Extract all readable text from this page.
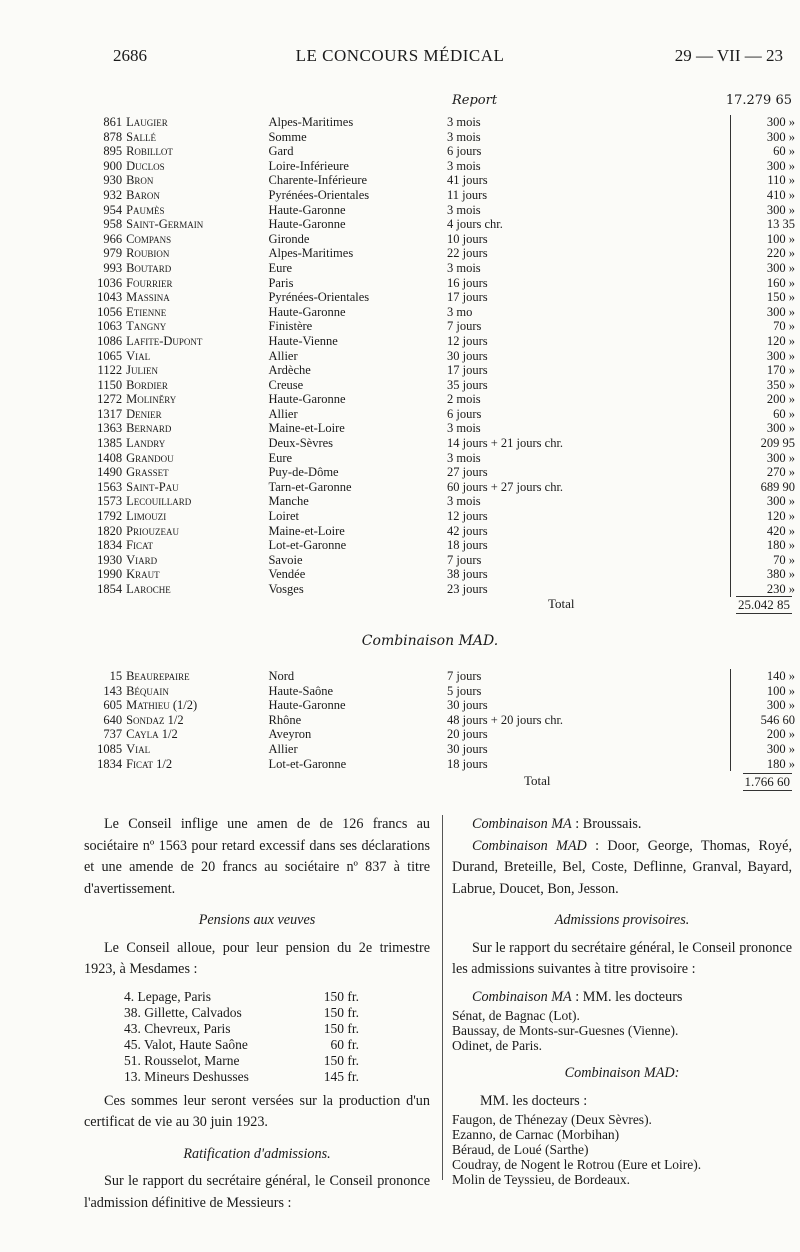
2686	LE CONCOURS MÉDICAL	29 — VII — 23
Report	17.279 65
861	Laugier	Alpes-Maritimes	3 mois	300 »
878	Sallé	Somme	3 mois	300 »
895	Robillot	Gard	6 jours	60 »
900	Duclos	Loire-Inférieure	3 mois	300 »
930	Bron	Charente-Inférieure	41 jours	110 »
932	Baron	Pyrénées-Orientales	11 jours	410 »
954	Paumès	Haute-Garonne	3 mois	300 »
958	Saint-Germain	Haute-Garonne	4 jours chr.	13 35
966	Compans	Gironde	10 jours	100 »
979	Roubion	Alpes-Maritimes	22 jours	220 »
993	Boutard	Eure	3 mois	300 »
1036	Fourrier	Paris	16 jours	160 »
1043	Massina	Pyrénées-Orientales	17 jours	150 »
1056	Etienne	Haute-Garonne	3 mo	300 »
1063	Tangny	Finistère	7 jours	70 »
1086	Lafite-Dupont	Haute-Vienne	12 jours	120 »
1065	Vial	Allier	30 jours	300 »
1122	Julien	Ardèche	17 jours	170 »
1150	Bordier	Creuse	35 jours	350 »
1272	Moliněry	Haute-Garonne	2 mois	200 »
1317	Denier	Allier	6 jours	60 »
1363	Bernard	Maine-et-Loire	3 mois	300 »
1385	Landry	Deux-Sèvres	14 jours + 21 jours chr.	209 95
1408	Grandou	Eure	3 mois	300 »
1490	Grasset	Puy-de-Dôme	27 jours	270 »
1563	Saint-Pau	Tarn-et-Garonne	60 jours + 27 jours chr.	689 90
1573	Lecouillard	Manche	3 mois	300 »
1792	Limouzi	Loiret	12 jours	120 »
1820	Priouzeau	Maine-et-Loire	42 jours	420 »
1834	Ficat	Lot-et-Garonne	18 jours	180 »
1930	Viard	Savoie	7 jours	70 »
1990	Kraut	Vendée	38 jours	380 »
1854	Laroche	Vosges	23 jours	230 »
Total	25.042 85
Combinaison MAD.
15	Beaurepaire	Nord	7 jours	140 »
143	Béquain	Haute-Saône	5 jours	100 »
605	Mathieu (1/2)	Haute-Garonne	30 jours	300 »
640	Sondaz 1/2	Rhône	48 jours + 20 jours chr.	546 60
737	Cayla 1/2	Aveyron	20 jours	200 »
1085	Vial	Allier	30 jours	300 »
1834	Ficat 1/2	Lot-et-Garonne	18 jours	180 »
Total	1.766 60

Le Conseil inflige une amen de de 126 francs au sociétaire nº 1563 pour retard excessif dans ses déclarations et une amende de 20 francs au sociétaire nº 837 à titre d'avertissement.

Pensions aux veuves

Le Conseil alloue, pour leur pension du 2e trimestre 1923, à Mesdames :

4. Lepage, Paris	150 fr.
38. Gillette, Calvados	150 fr.
43. Chevreux, Paris	150 fr.
45. Valot, Haute Saône	60 fr.
51. Rousselot, Marne	150 fr.
13. Mineurs Deshusses	145 fr.

Ces sommes leur seront versées sur la production d'un certificat de vie au 30 juin 1923.

Ratification d'admissions.

Sur le rapport du secrétaire général, le Conseil prononce l'admission définitive de Messieurs :

Combinaison MA : Broussais.

Combinaison MAD : Door, George, Thomas, Royé, Durand, Breteille, Bel, Coste, Deflinne, Granval, Bayard, Labrue, Doucet, Bon, Jesson.

Admissions provisoires.

Sur le rapport du secrétaire général, le Conseil prononce les admissions suivantes à titre provisoire :

Combinaison MA : MM. les docteurs

Sénat, de Bagnac (Lot).
Baussay, de Monts-sur-Guesnes (Vienne).
Odinet, de Paris.

Combinaison MAD:

MM. les docteurs :
Faugon, de Thénezay (Deux Sèvres).
Ezanno, de Carnac (Morbihan)
Béraud, de Loué (Sarthe)
Coudray, de Nogent le Rotrou (Eure et Loire).
Molin de Teyssieu, de Bordeaux.
